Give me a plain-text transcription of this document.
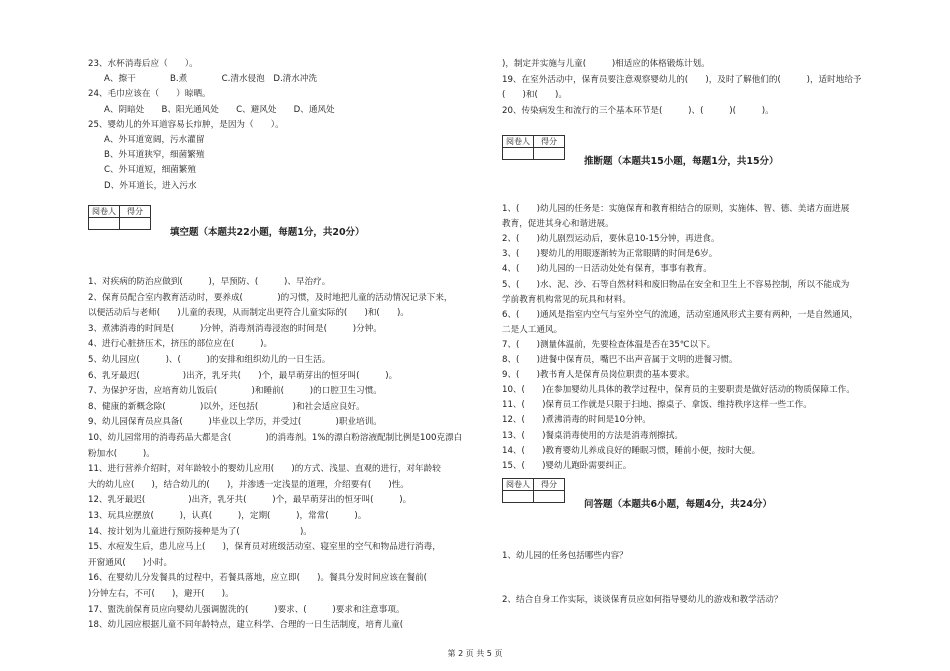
23、水杯消毒后应（　　）。
A、擦干　　　　B.煮　　　　C.清水侵泡　D.清水冲洗
24、毛巾应该在（　　）晾晒。
A、阴暗处　　B、阳光通风处　　C、避风处　　D、通风处
25、婴幼儿的外耳道容易长疖肿，是因为（　　）。
A、外耳道宽阔，污水灌留
B、外耳道狭窄，细菌繁殖
C、外耳道短，细菌繁殖
D、外耳道长，进入污水
阅卷人	得分

填空题（本题共22小题，每题1分，共20分）
1、对疾病的防治应做到(　　　)，早预防、(　　　)、早治疗。
2、保育员配合室内教育活动时，要养成(　　　　)的习惯，及时地把儿童的活动情况记录下来，
以便活动后与老师(　　)儿童的表现，从而制定出更符合儿童实际的(　　)和(　　)。
3、煮沸消毒的时间是(　　　)分钟，消毒剂消毒浸泡的时间是(　　　)分钟。
4、进行心脏挤压术，挤压的部位应在(　　　)。
5、幼儿园应(　　　)、(　　　)的安排和组织幼儿的一日生活。
6、乳牙最迟(　　　　　)出齐，乳牙共(　　)个，最早萌芽出的恒牙叫(　　　)。
7、为保护牙齿，应培育幼儿饭后(　　　　)和睡前(　　　)的口腔卫生习惯。
8、健康的新概念除(　　　　)以外，还包括(　　　　)和社会适应良好。
9、幼儿园保育员应具备(　　　)毕业以上学历，并受过(　　　　)职业培训。
10、幼儿园常用的消毒药品大都是含(　　　　)的消毒剂。1%的漂白粉溶液配制比例是100克漂白
粉加水(　　　)。
11、进行营养介绍时，对年龄较小的婴幼儿应用(　　)的方式、浅显、直观的进行，对年龄较
大的幼儿应(　　)，结合幼儿的(　　)，并渗透一定浅显的道理，介绍要有(　　)性。
12、乳牙最迟(　　　　　)出齐，乳牙共(　　　)个，最早萌芽出的恒牙叫(　　　)。
13、玩具应摆放(　　　)，认真(　　　)，定期(　　　)，常常(　　　)。
14、按计划为儿童进行预防接种是为了(　　　　　　　)。
15、水痘发生后，患儿应马上(　　)，保育员对班级活动室、寝室里的空气和物品进行消毒，
开窗通风(　　)小时。
16、在婴幼儿分发餐具的过程中，若餐具落地，应立即(　　)。餐具分发时间应该在餐前(　　
)分钟左右，不可(　　)，避开(　　)。
17、盥洗前保育员应向婴幼儿强调盥洗的(　　　)要求、(　　　)要求和注意事项。
18、幼儿园应根据儿童不同年龄特点，建立科学、合理的一日生活制度，培育儿童(
)，制定并实施与儿童(　　　)相适应的体格锻炼计划。
19、在室外活动中，保育员要注意观察婴幼儿的(　　)，及时了解他们的(　　　)，适时地给予
(　　)和(　　)。
20、传染病发生和流行的三个基本环节是(　　　)、(　　　)(　　　)。
阅卷人	得分

推断题（本题共15小题，每题1分，共15分）
1、(　　)幼儿园的任务是：实施保育和教育相结合的原则，实施体、智、德、美诸方面进展
教育，促进其身心和谐进展。
2、(　　)幼儿剧烈运动后，要休息10-15分钟，再进食。
3、(　　)婴幼儿的用眼逐渐转为正常眼睛的时间是6岁。
4、(　　)幼儿园的一日活动处处有保育，事事有教育。
5、(　　)水、泥、沙、石等自然材料和废旧物品在安全和卫生上不容易控制，所以不能成为
学前教育机构常见的玩具和材料。
6、(　　)通风是指室内空气与室外空气的流通，活动室通风形式主要有两种，一是自然通风，
二是人工通风。
7、(　　)测量体温前，先要检查体温是否在35℃以下。
8、(　　)进餐中保育员，嘴巴不出声音属于文明的进餐习惯。
9、(　　)教书育人是保育员岗位职责的基本要求。
10、(　　)在参加婴幼儿具体的教学过程中，保育员的主要职责是做好活动的物质保障工作。
11、(　　)保育员工作就是只限于扫地、擦桌子、拿饭、维持秩序这样一些工作。
12、(　　)煮沸消毒的时间是10分钟。
13、(　　)餐桌消毒使用的方法是消毒剂擦拭。
14、(　　)教育婴幼儿养成良好的睡眠习惯，睡前小便，按时大便。
15、(　　)婴幼儿跑卧需要纠正。
阅卷人	得分

问答题（本题共6小题，每题4分，共24分）
1、幼儿园的任务包括哪些内容？
2、结合自身工作实际，谈谈保育员应如何指导婴幼儿的游戏和教学活动？
第 2 页 共 5 页
